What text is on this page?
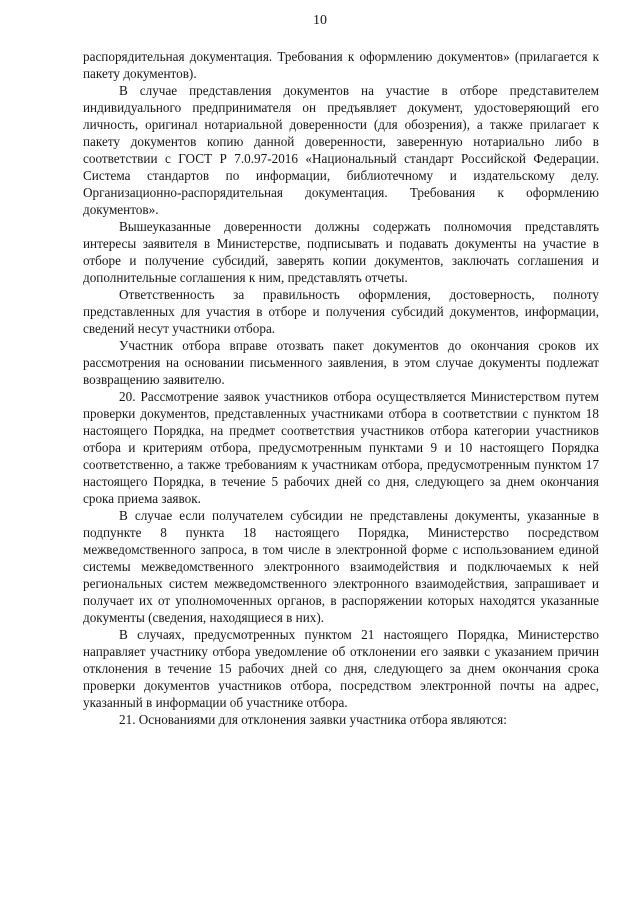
10

распорядительная документация. Требования к оформлению документов» (прилагается к пакету документов).

В случае представления документов на участие в отборе представителем индивидуального предпринимателя он предъявляет документ, удостоверяющий его личность, оригинал нотариальной доверенности (для обозрения), а также прилагает к пакету документов копию данной доверенности, заверенную нотариально либо в соответствии с ГОСТ Р 7.0.97-2016 «Национальный стандарт Российской Федерации. Система стандартов по информации, библиотечному и издательскому делу. Организационно-распорядительная документация. Требования к оформлению документов».

Вышеуказанные доверенности должны содержать полномочия представлять интересы заявителя в Министерстве, подписывать и подавать документы на участие в отборе и получение субсидий, заверять копии документов, заключать соглашения и дополнительные соглашения к ним, представлять отчеты.

Ответственность за правильность оформления, достоверность, полноту представленных для участия в отборе и получения субсидий документов, информации, сведений несут участники отбора.

Участник отбора вправе отозвать пакет документов до окончания сроков их рассмотрения на основании письменного заявления, в этом случае документы подлежат возвращению заявителю.

20. Рассмотрение заявок участников отбора осуществляется Министерством путем проверки документов, представленных участниками отбора в соответствии с пунктом 18 настоящего Порядка, на предмет соответствия участников отбора категории участников отбора и критериям отбора, предусмотренным пунктами 9 и 10 настоящего Порядка соответственно, а также требованиям к участникам отбора, предусмотренным пунктом 17 настоящего Порядка, в течение 5 рабочих дней со дня, следующего за днем окончания срока приема заявок.

В случае если получателем субсидии не представлены документы, указанные в подпункте 8 пункта 18 настоящего Порядка, Министерство посредством межведомственного запроса, в том числе в электронной форме с использованием единой системы межведомственного электронного взаимодействия и подключаемых к ней региональных систем межведомственного электронного взаимодействия, запрашивает и получает их от уполномоченных органов, в распоряжении которых находятся указанные документы (сведения, находящиеся в них).

В случаях, предусмотренных пунктом 21 настоящего Порядка, Министерство направляет участнику отбора уведомление об отклонении его заявки с указанием причин отклонения в течение 15 рабочих дней со дня, следующего за днем окончания срока проверки документов участников отбора, посредством электронной почты на адрес, указанный в информации об участнике отбора.

21. Основаниями для отклонения заявки участника отбора являются:
